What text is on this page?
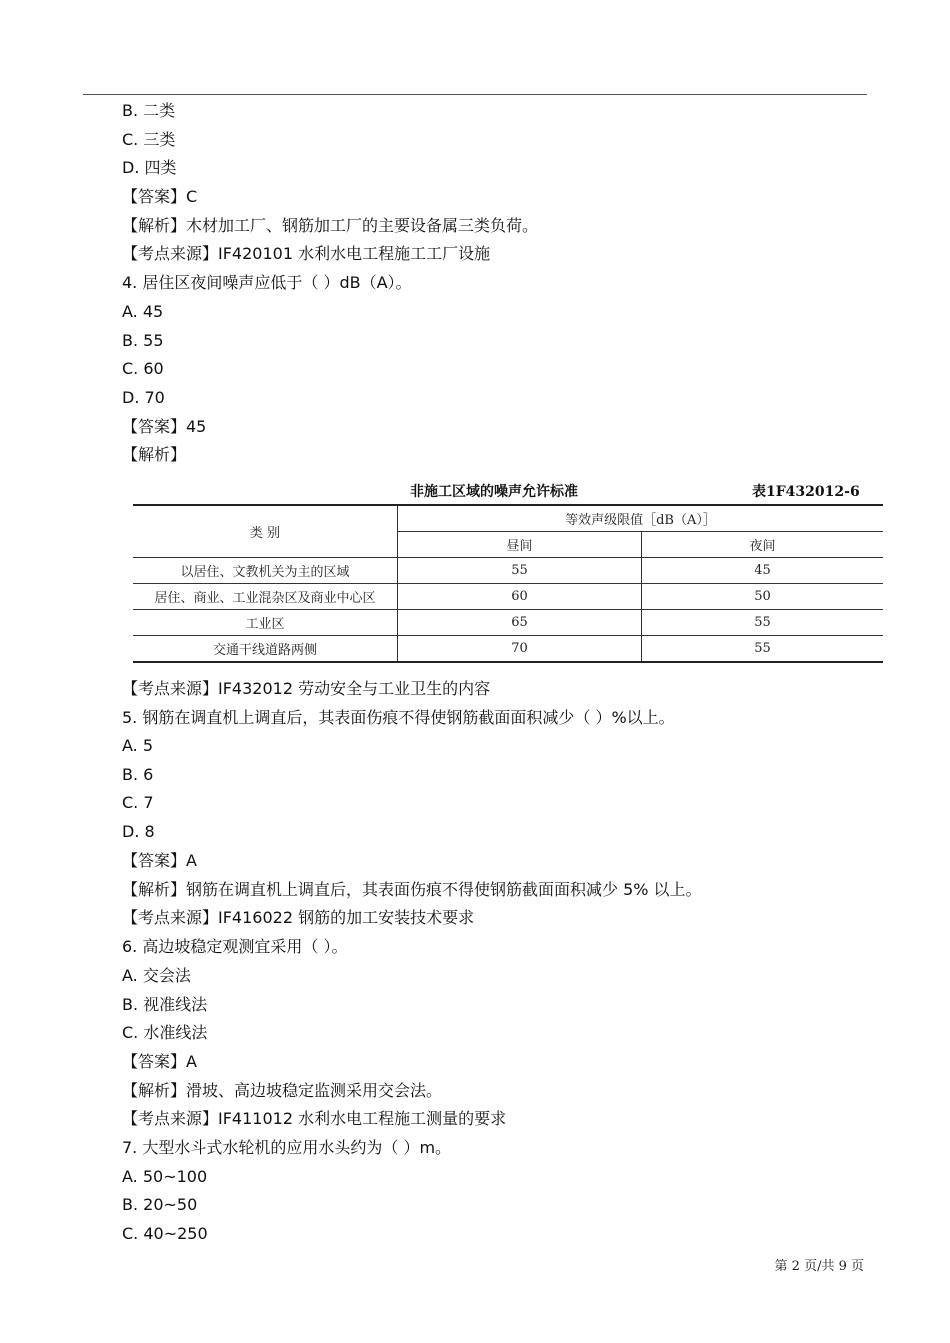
B. 二类
C. 三类
D. 四类
【答案】C
【解析】木材加工厂、钢筋加工厂的主要设备属三类负荷。
【考点来源】IF420101 水利水电工程施工工厂设施
4. 居住区夜间噪声应低于（ ）dB（A）。
A. 45
B. 55
C. 60
D. 70
【答案】45
【解析】
非施工区域的噪声允许标准	表1F432012-6
类 别	等效声级限值［dB（A）］	
	昼间	夜间
以居住、文教机关为主的区域	55	45
居住、商业、工业混杂区及商业中心区	60	50
工业区	65	55
交通干线道路两侧	70	55
【考点来源】IF432012 劳动安全与工业卫生的内容
5. 钢筋在调直机上调直后，其表面伤痕不得使钢筋截面面积减少（ ）%以上。
A. 5
B. 6
C. 7
D. 8
【答案】A
【解析】钢筋在调直机上调直后，其表面伤痕不得使钢筋截面面积减少 5% 以上。
【考点来源】IF416022 钢筋的加工安装技术要求
6. 高边坡稳定观测宜采用（ ）。
A. 交会法
B. 视准线法
C. 水准线法
【答案】A
【解析】滑坡、高边坡稳定监测采用交会法。
【考点来源】IF411012 水利水电工程施工测量的要求
7. 大型水斗式水轮机的应用水头约为（ ）m。
A. 50~100
B. 20~50
C. 40~250
第 2 页/共 9 页
